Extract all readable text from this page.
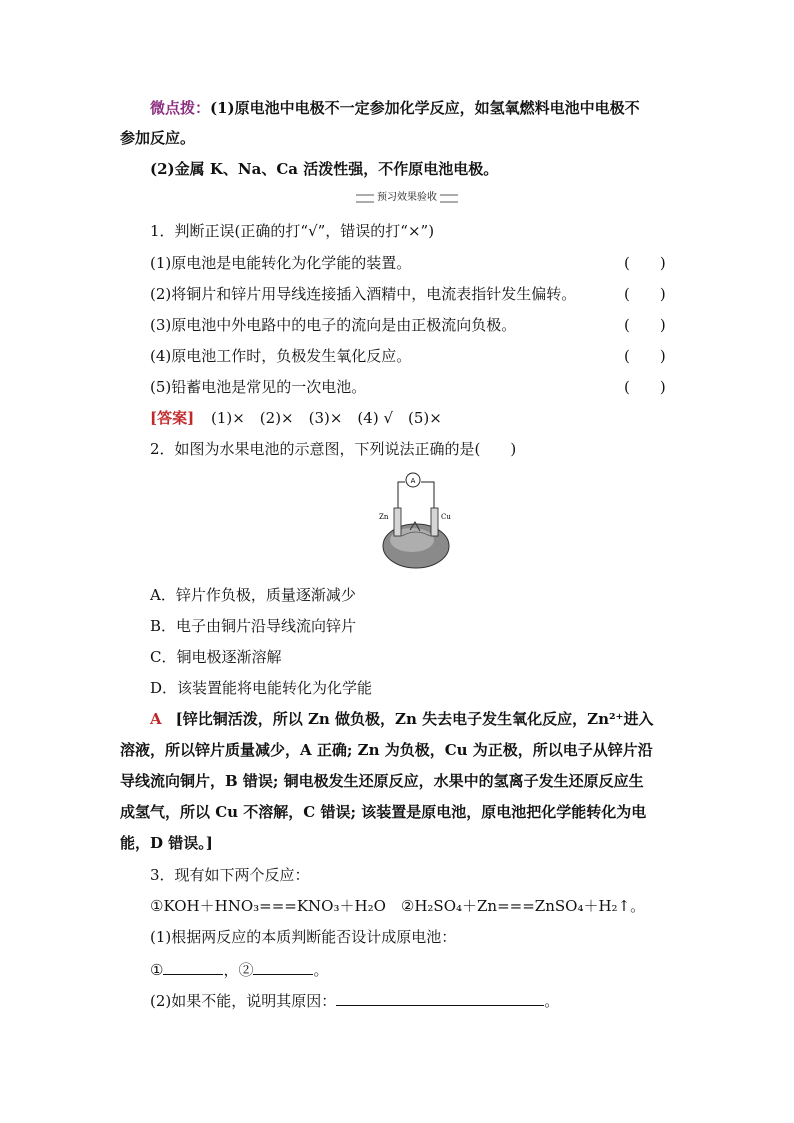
微点拨：(1)原电池中电极不一定参加化学反应，如氢氧燃料电池中电极不
参加反应。
(2)金属 K、Na、Ca 活泼性强，不作原电池电极。
预习效果验收
1．判断正误(正确的打“√”，错误的打“×”)
(1)原电池是电能转化为化学能的装置。	(　　)
(2)将铜片和锌片用导线连接插入酒精中，电流表指针发生偏转。	(　　)
(3)原电池中外电路中的电子的流向是由正极流向负极。	(　　)
(4)原电池工作时，负极发生氧化反应。	(　　)
(5)铅蓄电池是常见的一次电池。	(　　)
[答案] (1)×　(2)×　(3)×　(4) √　(5)×
2．如图为水果电池的示意图，下列说法正确的是(　　)
A
Zn	Cu
A．锌片作负极，质量逐渐减少
B．电子由铜片沿导线流向锌片
C．铜电极逐渐溶解
D．该装置能将电能转化为化学能
A [锌比铜活泼，所以 Zn 做负极，Zn 失去电子发生氧化反应，Zn²⁺进入
溶液，所以锌片质量减少，A 正确; Zn 为负极，Cu 为正极，所以电子从锌片沿
导线流向铜片，B 错误; 铜电极发生还原反应，水果中的氢离子发生还原反应生
成氢气，所以 Cu 不溶解，C 错误; 该装置是原电池，原电池把化学能转化为电
能，D 错误。]
3．现有如下两个反应：
①KOH＋HNO₃===KNO₃＋H₂O　②H₂SO₄＋Zn===ZnSO₄＋H₂↑。
(1)根据两反应的本质判断能否设计成原电池：
①	，②	。
(2)如果不能，说明其原因：	。
